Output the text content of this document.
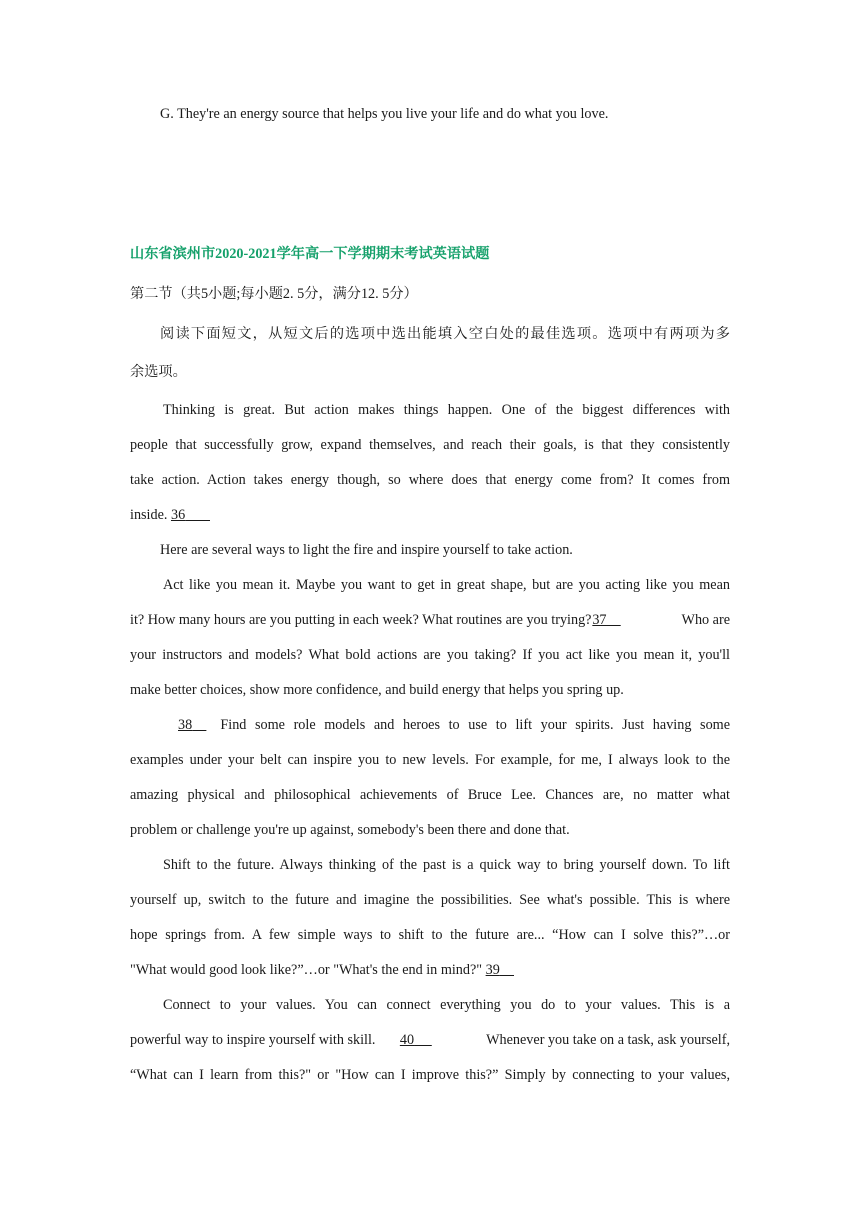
G. They're an energy source that helps you live your life and do what you love.
山东省滨州市2020-2021学年高一下学期期末考试英语试题
第二节（共5小题;每小题2. 5分，满分12. 5分）
阅读下面短文，从短文后的选项中选出能填入空白处的最佳选项。选项中有两项为多
余选项。
Thinking is great. But action makes things happen. One of the biggest differences with
people that successfully grow, expand themselves, and reach their goals, is that they consistently
take action. Action takes energy though, so where does that energy come from? It comes from
inside. 36
Here are several ways to light the fire and inspire yourself to take action.
Act like you mean it. Maybe you want to get in great shape, but are you acting like you mean
it? How many hours are you putting in each week? What routines are you trying? 37	Who are
your instructors and models? What bold actions are you taking? If you act like you mean it, you'll
make better choices, show more confidence, and build energy that helps you spring up.
38	Find some role models and heroes to use to lift your spirits. Just having some
examples under your belt can inspire you to new levels. For example, for me, I always look to the
amazing physical and philosophical achievements of Bruce Lee. Chances are, no matter what
problem or challenge you're up against, somebody's been there and done that.
Shift to the future. Always thinking of the past is a quick way to bring yourself down. To lift
yourself up, switch to the future and imagine the possibilities. See what's possible. This is where
hope springs from. A few simple ways to shift to the future are... “How can I solve this?”…or
"What would good look like?”…or "What's the end in mind?" 39
Connect to your values. You can connect everything you do to your values. This is a
powerful way to inspire yourself with skill. 40	Whenever you take on a task, ask yourself,
“What can I learn from this?" or "How can I improve this?” Simply by connecting to your values,
